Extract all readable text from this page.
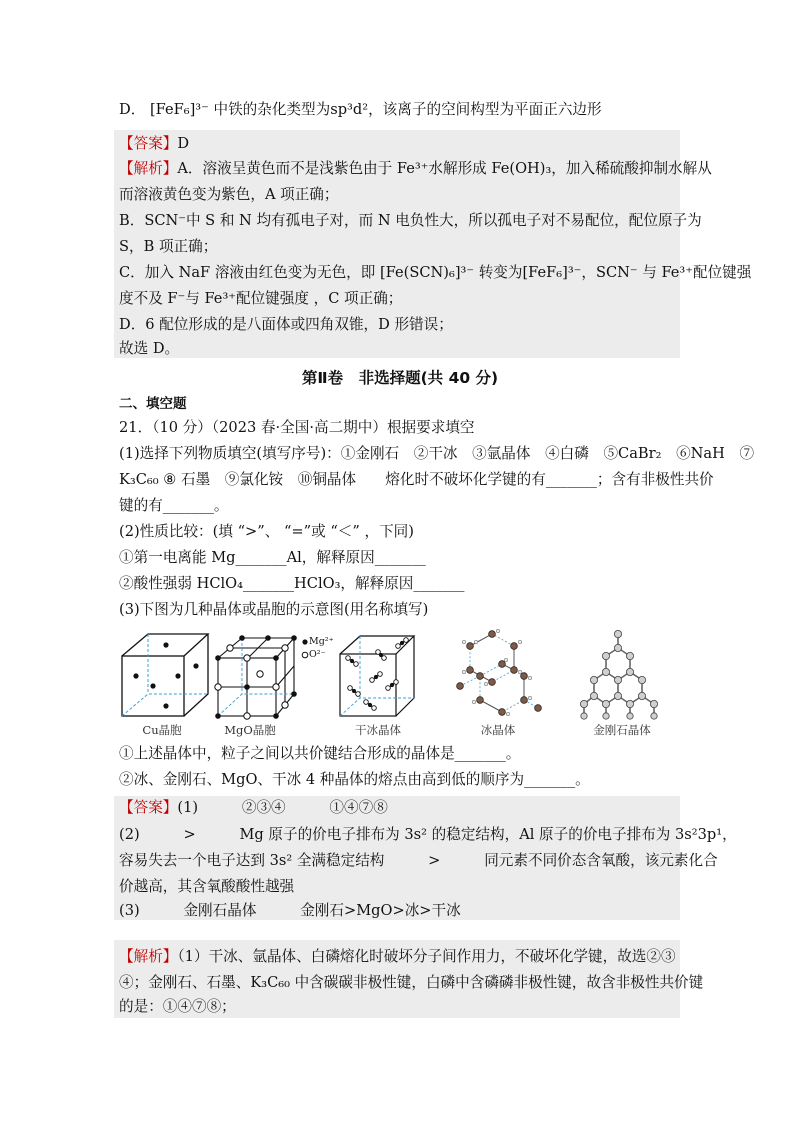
D． [FeF₆]³⁻ 中铁的杂化类型为sp³d²，该离子的空间构型为平面正六边形
【答案】D
【解析】A．溶液呈黄色而不是浅紫色由于 Fe³⁺水解形成 Fe(OH)₃，加入稀硫酸抑制水解从
而溶液黄色变为紫色，A 项正确；
B．SCN⁻中 S 和 N 均有孤电子对，而 N 电负性大，所以孤电子对不易配位，配位原子为
S，B 项正确；
C．加入 NaF 溶液由红色变为无色，即 [Fe(SCN)₆]³⁻ 转变为[FeF₆]³⁻，SCN⁻ 与 Fe³⁺配位键强
度不及 F⁻与 Fe³⁺配位键强度 ，C 项正确；
D．6 配位形成的是八面体或四角双锥，D 形错误；
故选 D。
第Ⅱ卷　非选择题(共 40 分)
二、填空题
21．（10 分）（2023 春·全国·高二期中）根据要求填空
(1)选择下列物质填空(填写序号)：①金刚石　②干冰　③氩晶体　④白磷　⑤CaBr₂　⑥NaH　⑦
K₃C₆₀ ⑧ 石墨　⑨氯化铵　⑩铜晶体　　熔化时不破坏化学键的有_______；含有非极性共价
键的有_______。
(2)性质比较：(填 “>”、 “=”或 “＜” ，下同)
①第一电离能 Mg_______Al，解释原因_______
②酸性强弱 HClO₄_______HClO₃，解释原因_______
(3)下图为几种晶体或晶胞的示意图(用名称填写)
Mg²⁺
O²⁻
Cu晶胞	MgO晶胞	干冰晶体	冰晶体	金刚石晶体
①上述晶体中，粒子之间以共价键结合形成的晶体是_______。
②冰、金刚石、MgO、干冰 4 种晶体的熔点由高到低的顺序为_______。
【答案】(1)　　　②③④　　　①④⑦⑧
(2)　　　>　　　Mg 原子的价电子排布为 3s² 的稳定结构，Al 原子的价电子排布为 3s²3p¹，
容易失去一个电子达到 3s² 全满稳定结构　　　>　　　同元素不同价态含氧酸，该元素化合
价越高，其含氧酸酸性越强
(3)　　　金刚石晶体　　　金刚石>MgO>冰>干冰
【解析】（1）干冰、氩晶体、白磷熔化时破坏分子间作用力，不破坏化学键，故选②③
④；金刚石、石墨、K₃C₆₀ 中含碳碳非极性键，白磷中含磷磷非极性键，故含非极性共价键
的是：①④⑦⑧；
